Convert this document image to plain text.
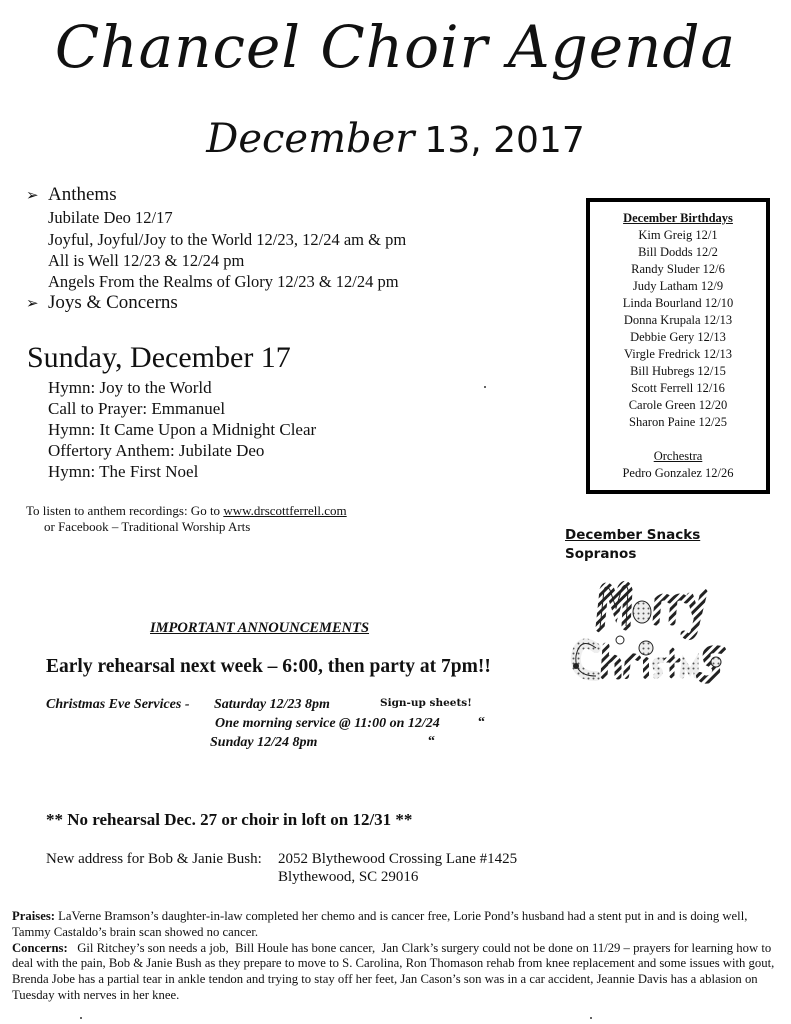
Chancel Choir Agenda
December 13, 2017
➢ Anthems
Jubilate Deo 12/17
Joyful, Joyful/Joy to the World 12/23, 12/24 am & pm
All is Well 12/23 & 12/24 pm
Angels From the Realms of Glory 12/23 & 12/24 pm
➢ Joys & Concerns
Sunday, December 17
Hymn: Joy to the World
Call to Prayer: Emmanuel
Hymn: It Came Upon a Midnight Clear
Offertory Anthem: Jubilate Deo
Hymn: The First Noel
To listen to anthem recordings: Go to www.drscottferrell.com
or Facebook – Traditional Worship Arts
December Birthdays
Kim Greig 12/1
Bill Dodds 12/2
Randy Sluder 12/6
Judy Latham 12/9
Linda Bourland 12/10
Donna Krupala 12/13
Debbie Gery 12/13
Virgle Fredrick 12/13
Bill Hubregs 12/15
Scott Ferrell 12/16
Carole Green 12/20
Sharon Paine 12/25
Orchestra
Pedro Gonzalez 12/26
December Snacks
Sopranos
IMPORTANT ANNOUNCEMENTS
Early rehearsal next week – 6:00, then party at 7pm!!
Christmas Eve Services - Saturday 12/23 8pm	Sign-up sheets!
One morning service @ 11:00 on 12/24	“
Sunday 12/24 8pm	“
** No rehearsal Dec. 27 or choir in loft on 12/31 **
New address for Bob & Janie Bush: 2052 Blythewood Crossing Lane #1425
Blythewood, SC 29016
Praises: LaVerne Bramson’s daughter-in-law completed her chemo and is cancer free, Lorie Pond’s husband had a stent put in and is doing well, Tammy Castaldo’s brain scan showed no cancer.
Concerns:   Gil Ritchey’s son needs a job,  Bill Houle has bone cancer,  Jan Clark’s surgery could not be done on 11/29 – prayers for learning how to deal with the pain, Bob & Janie Bush as they prepare to move to S. Carolina, Ron Thomason rehab from knee replacement and some issues with gout, Brenda Jobe has a partial tear in ankle tendon and trying to stay off her feet, Jan Cason’s son was in a car accident, Jeannie Davis has a ablasion on Tuesday with nerves in her knee.
